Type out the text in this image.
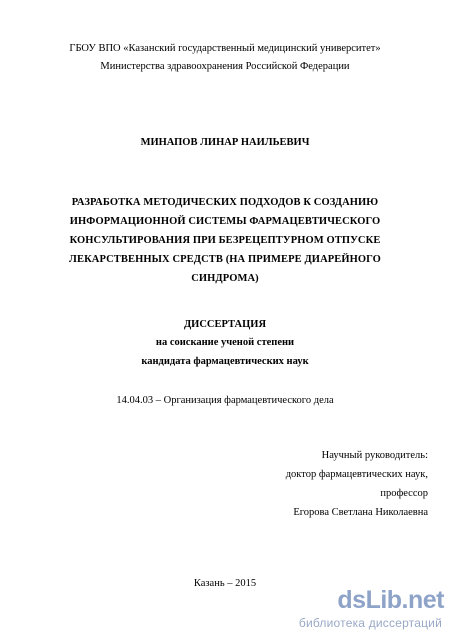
ГБОУ ВПО «Казанский государственный медицинский университет»
Министерства здравоохранения Российской Федерации
МИНАПОВ ЛИНАР НАИЛЬЕВИЧ
РАЗРАБОТКА МЕТОДИЧЕСКИХ ПОДХОДОВ К СОЗДАНИЮ
ИНФОРМАЦИОННОЙ СИСТЕМЫ ФАРМАЦЕВТИЧЕСКОГО
КОНСУЛЬТИРОВАНИЯ ПРИ БЕЗРЕЦЕПТУРНОМ ОТПУСКЕ
ЛЕКАРСТВЕННЫХ СРЕДСТВ (НА ПРИМЕРЕ ДИАРЕЙНОГО
СИНДРОМА)
ДИССЕРТАЦИЯ
на соискание ученой степени
кандидата фармацевтических наук
14.04.03 – Организация фармацевтического дела
Научный руководитель:
доктор фармацевтических наук,
профессор
Егорова Светлана Николаевна
Казань – 2015
dsLib.net
библиотека диссертаций
